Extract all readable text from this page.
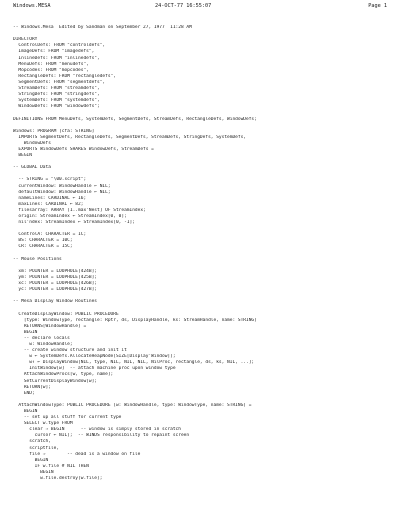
Windows.MESA	24-OCT-77 16:55:07	Page 1
-- Windows.Mesa  Edited by Sandman on September 27, 1977  11:28 AM
DIRECTORY
ControlDefs: FROM "controldefs",
ImageDefs: FROM "imagedefs",
InlineDefs: FROM "inlinedefs",
MenuDefs: FROM "menudefs",
Mopcodes: FROM "mopcodes",
RectangleDefs: FROM "rectangledefs",
SegmentDefs: FROM "segmentdefs",
StreamDefs: FROM "streamdefs",
StringDefs: FROM "stringdefs",
SystemDefs: FROM "systemdefs",
WindowDefs: FROM "windowdefs";
DEFINITIONS FROM MenuDefs, SystemDefs, SegmentDefs, StreamDefs, RectangleDefs, WindowDefs;
Windows: PROGRAM [cfa: STRING]
IMPORTS SegmentDefs, RectangleDefs, SegmentDefs, StreamDefs, StringDefs, SystemDefs,
WindowDefs
EXPORTS WindowDefs SHARES WindowDefs, StreamDefs =
BEGIN
-- GLOBAL Data
-- STRING = "\00.script";
currentWindow: WindowHandle ← NIL;
defaultWindow: WindowHandle ← NIL;
nameLines: CARDINAL ← 16;
maxLines: CARDINAL ← 82;
filesarray: ARRAY [1..max'Nest] OF StreamIndex;
origin: StreamIndex ← StreamIndex[0, 0];
nil'ndex: StreamIndex ← StreamIndex[0, -1];
ControlA: CHARACTER = 1C;
BS: CHARACTER = 10C;
CR: CHARACTER = 15C;
-- Mouse Positions
xm: POINTER = LOOPHOLE[424B];
ym: POINTER = LOOPHOLE[425B];
xc: POINTER = LOOPHOLE[426B];
yc: POINTER = LOOPHOLE[427B];
-- Mesa Display Window Routines
CreateDisplayWindow: PUBLIC PROCEDURE
[type: WindowType, rectangle: Rptr, ds, DisplayHandle, ks: StreamHandle, name: STRING]
RETURNS[WindowHandle] =
BEGIN
-- declare locals
w: WindowHandle;
-- create window structure and init it
w ← SystemDefs.AllocateHeapNode[SIZE[Display'Window]];
w↑ ← DisplayWindow[NIL, type, NIL, NIL, NIL, NilProc, rectangle, ds, ks, NIL, ...];
InitWindow[w]  -- attach machine proc upon window type
AttachWindowProcs[w, type, name];
SetCurrentDisplayWindow[w];
RETURN[w];
END;
AttachWindowType: PUBLIC PROCEDURE [w: WindowHandle, type: WindowType, name: STRING] =
BEGIN
-- set up all stuff for current type
SELECT w.type FROM
clear ⇒ BEGIN      -- window is simply stored in scratch
cursor ← NIL];  -- WINDS responsibility to repaint screen
scratch,
scriptfile,
file ⇒        -- dead is a window on file
BEGIN
IF w.file # NIL THEN
BEGIN
w.file.destroy[w.file];
